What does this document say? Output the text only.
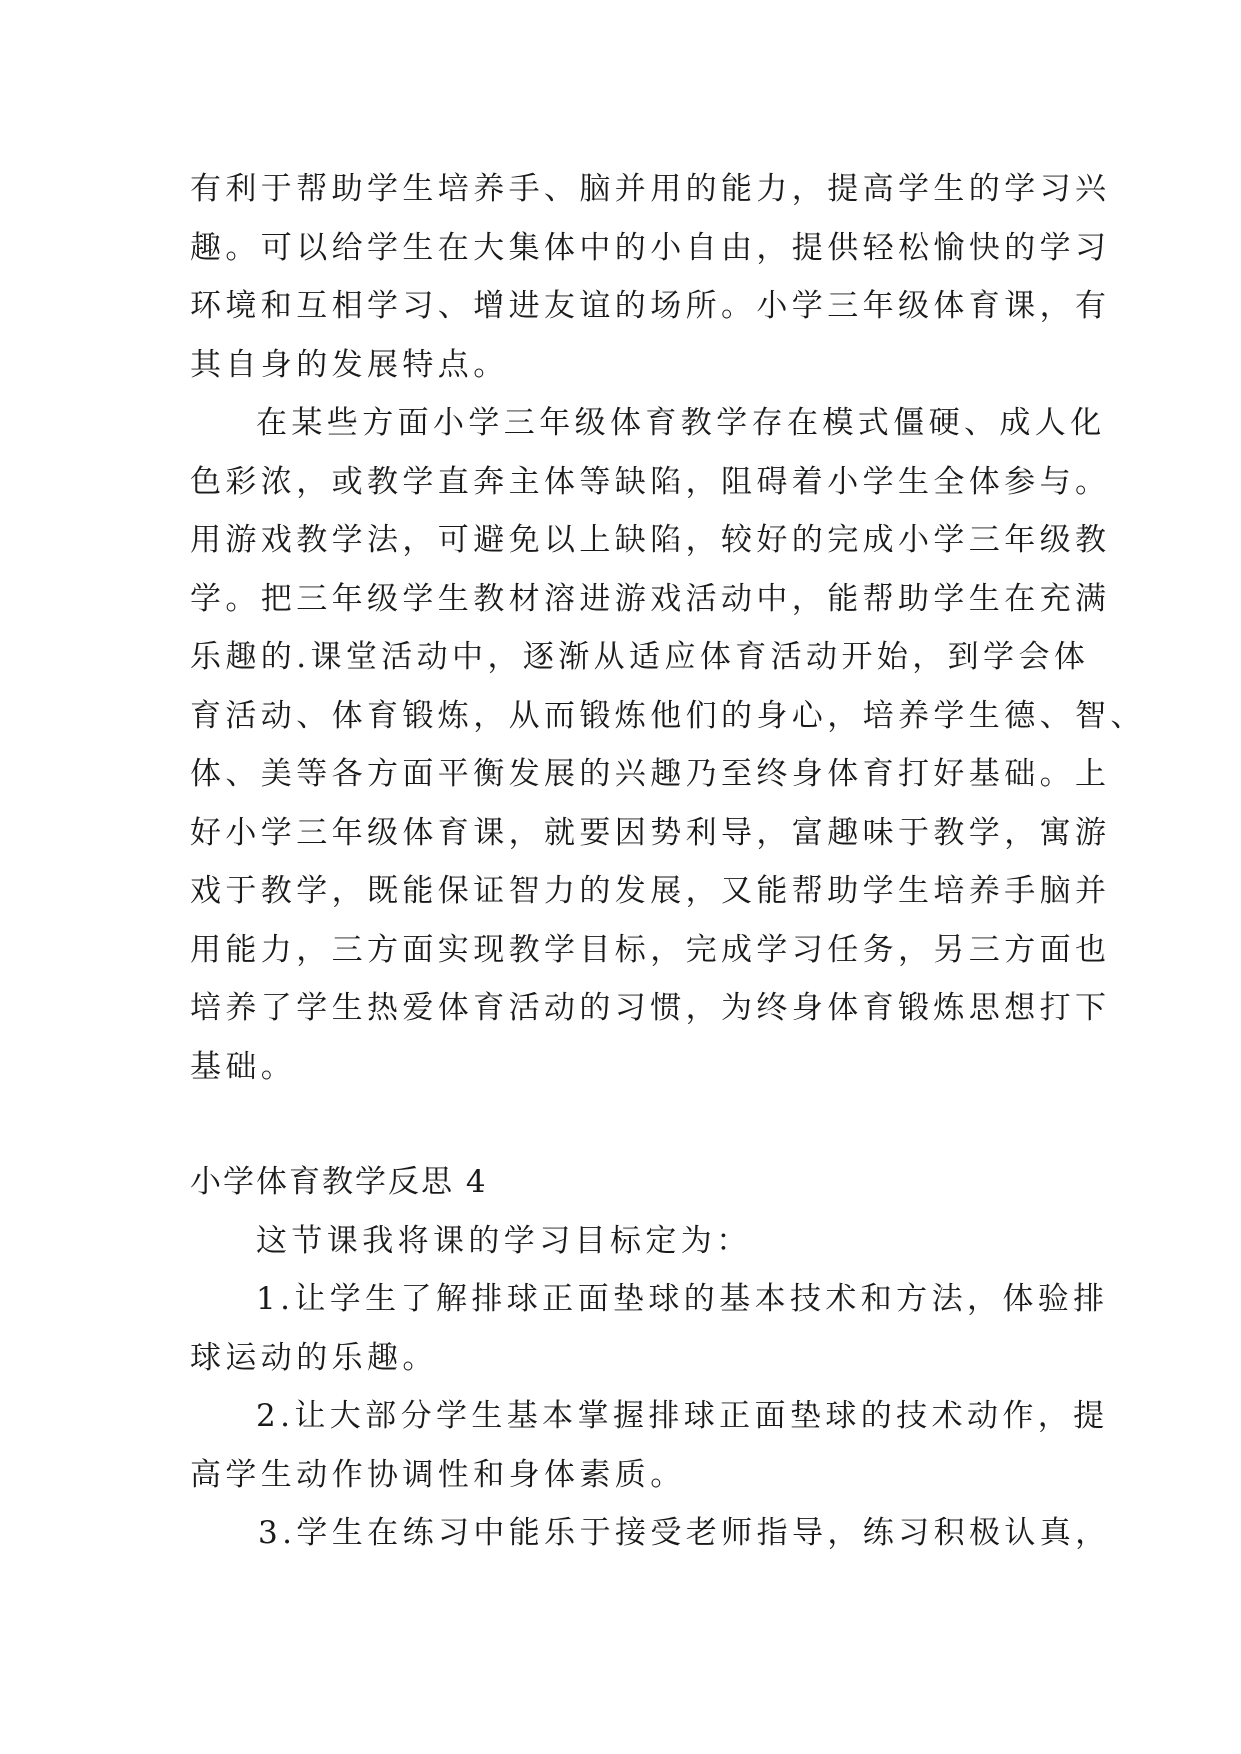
有利于帮助学生培养手、脑并用的能力，提高学生的学习兴
趣。可以给学生在大集体中的小自由，提供轻松愉快的学习
环境和互相学习、增进友谊的场所。小学三年级体育课，有
其自身的发展特点。
在某些方面小学三年级体育教学存在模式僵硬、成人化
色彩浓，或教学直奔主体等缺陷，阻碍着小学生全体参与。
用游戏教学法，可避免以上缺陷，较好的完成小学三年级教
学。把三年级学生教材溶进游戏活动中，能帮助学生在充满
乐趣的.课堂活动中，逐渐从适应体育活动开始，到学会体
育活动、体育锻炼，从而锻炼他们的身心，培养学生德、智、
体、美等各方面平衡发展的兴趣乃至终身体育打好基础。上
好小学三年级体育课，就要因势利导，富趣味于教学，寓游
戏于教学，既能保证智力的发展，又能帮助学生培养手脑并
用能力，三方面实现教学目标，完成学习任务，另三方面也
培养了学生热爱体育活动的习惯，为终身体育锻炼思想打下
基础。
小学体育教学反思 4
这节课我将课的学习目标定为：
1.让学生了解排球正面垫球的基本技术和方法，体验排
球运动的乐趣。
2.让大部分学生基本掌握排球正面垫球的技术动作，提
高学生动作协调性和身体素质。
3.学生在练习中能乐于接受老师指导，练习积极认真，
